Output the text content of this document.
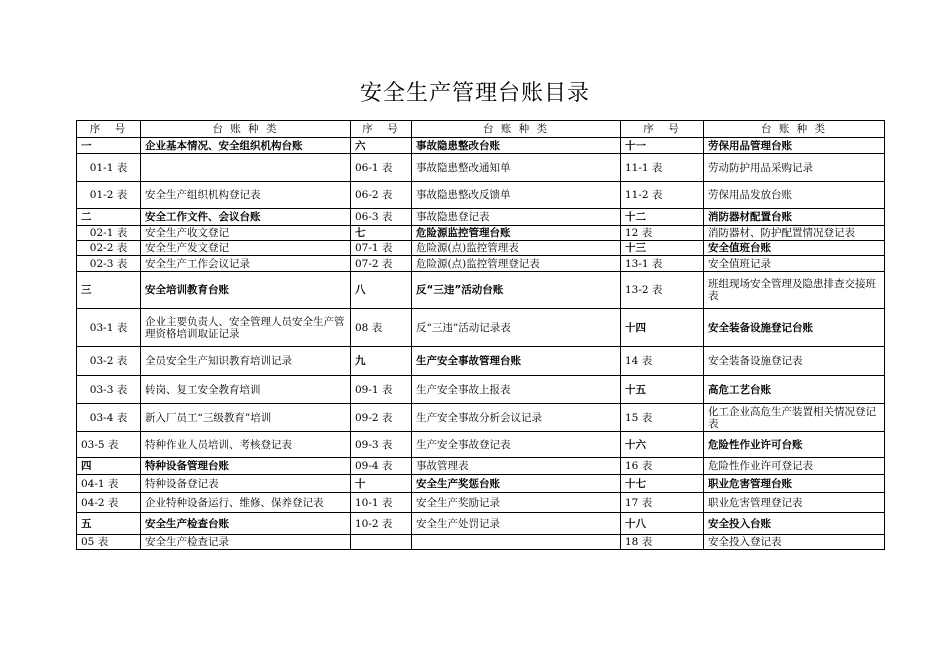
安全生产管理台账目录
序　号	台 账 种 类	序　号	台 账 种 类	序　号	台 账 种 类
一	企业基本情况、安全组织机构台账	六	事故隐患整改台账	十一	劳保用品管理台账
01-1 表		06-1 表	事故隐患整改通知单	11-1 表	劳动防护用品采购记录
01-2 表	安全生产组织机构登记表	06-2 表	事故隐患整改反馈单	11-2 表	劳保用品发放台账
二	安全工作文件、会议台账	06-3 表	事故隐患登记表	十二	消防器材配置台账
02-1 表	安全生产收文登记	七	危险源监控管理台账	12 表	消防器材、防护配置情况登记表
02-2 表	安全生产发文登记	07-1 表	危险源(点)监控管理表	十三	安全值班台账
02-3 表	安全生产工作会议记录	07-2 表	危险源(点)监控管理登记表	13-1 表	安全值班记录
三	安全培训教育台账	八	反“三违”活动台账	13-2 表	班组现场安全管理及隐患排查交接班表
03-1 表	企业主要负责人、安全管理人员安全生产管理资格培训取证记录	08 表	反“三违”活动记录表	十四	安全装备设施登记台账
03-2 表	全员安全生产知识教育培训记录	九	生产安全事故管理台账	14 表	安全装备设施登记表
03-3 表	转岗、复工安全教育培训	09-1 表	生产安全事故上报表	十五	高危工艺台账
03-4 表	新入厂员工“三级教育”培训	09-2 表	生产安全事故分析会议记录	15 表	化工企业高危生产装置相关情况登记表
03-5 表	特种作业人员培训、考核登记表	09-3 表	生产安全事故登记表	十六	危险性作业许可台账
四	特种设备管理台账	09-4 表	事故管理表	16 表	危险性作业许可登记表
04-1 表	特种设备登记表	十	安全生产奖惩台账	十七	职业危害管理台账
04-2 表	企业特种设备运行、维修、保养登记表	10-1 表	安全生产奖励记录	17 表	职业危害管理登记表
五	安全生产检查台账	10-2 表	安全生产处罚记录	十八	安全投入台账
05 表	安全生产检查记录			18 表	安全投入登记表
